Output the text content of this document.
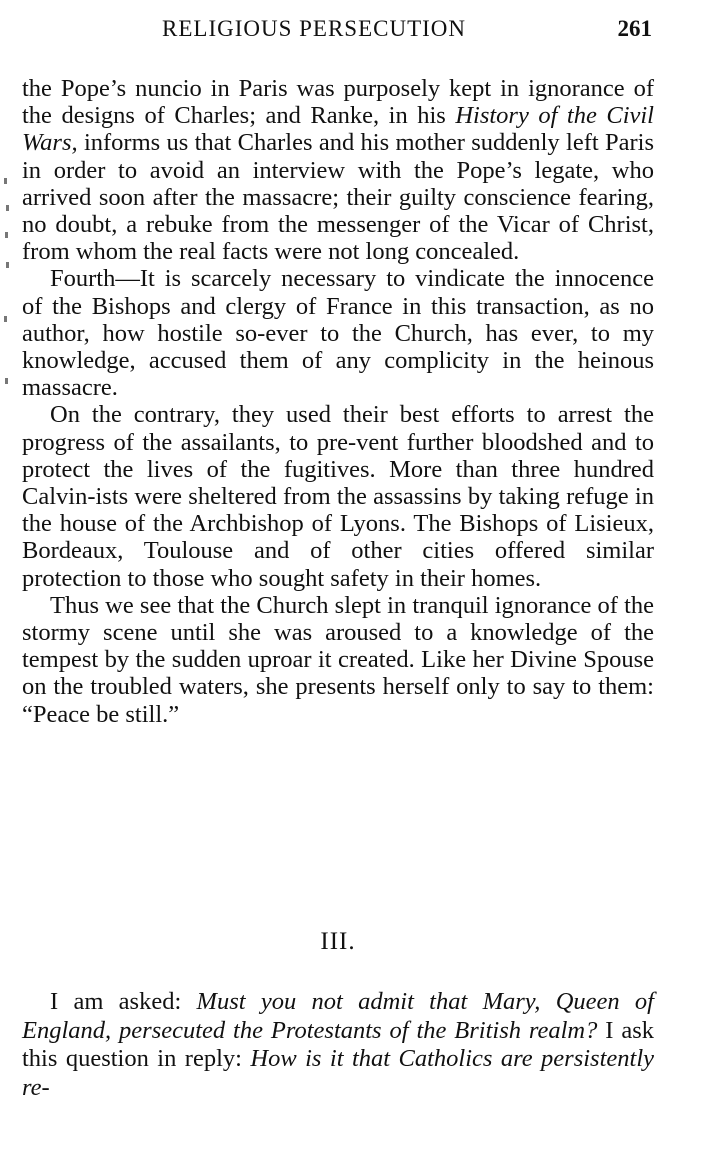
RELIGIOUS PERSECUTION	261

the Pope’s nuncio in Paris was purposely kept in ignorance of the designs of Charles; and Ranke, in his History of the Civil Wars, informs us that Charles and his mother suddenly left Paris in order to avoid an interview with the Pope’s legate, who arrived soon after the massacre; their guilty conscience fearing, no doubt, a rebuke from the messenger of the Vicar of Christ, from whom the real facts were not long concealed.

Fourth—It is scarcely necessary to vindicate the innocence of the Bishops and clergy of France in this transaction, as no author, how hostile so-ever to the Church, has ever, to my knowledge, accused them of any complicity in the heinous massacre.

On the contrary, they used their best efforts to arrest the progress of the assailants, to pre-vent further bloodshed and to protect the lives of the fugitives. More than three hundred Calvin-ists were sheltered from the assassins by taking refuge in the house of the Archbishop of Lyons. The Bishops of Lisieux, Bordeaux, Toulouse and of other cities offered similar protection to those who sought safety in their homes.

Thus we see that the Church slept in tranquil ignorance of the stormy scene until she was aroused to a knowledge of the tempest by the sudden uproar it created. Like her Divine Spouse on the troubled waters, she presents herself only to say to them: “Peace be still.”

III.
I am asked: Must you not admit that Mary, Queen of England, persecuted the Protestants of the British realm? I ask this question in reply: How is it that Catholics are persistently re-
